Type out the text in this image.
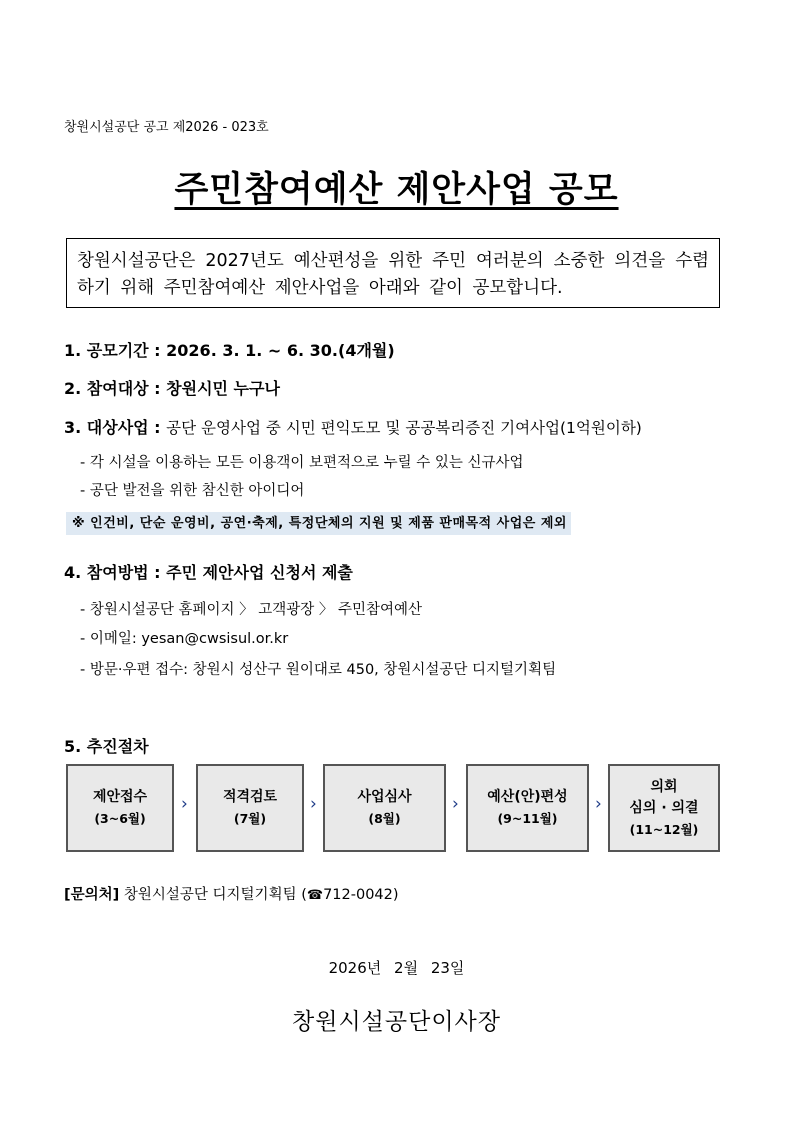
창원시설공단 공고 제2026 - 023호
주민참여예산 제안사업 공모
창원시설공단은 2027년도 예산편성을 위한 주민 여러분의 소중한 의견을 수렴하기 위해 주민참여예산 제안사업을 아래와 같이 공모합니다.
1. 공모기간 : 2026. 3. 1. ~ 6. 30.(4개월)
2. 참여대상 : 창원시민 누구나
3. 대상사업 : 공단 운영사업 중 시민 편익도모 및 공공복리증진 기여사업(1억원이하)
- 각 시설을 이용하는 모든 이용객이 보편적으로 누릴 수 있는 신규사업
- 공단 발전을 위한 참신한 아이디어
※ 인건비, 단순 운영비, 공연·축제, 특정단체의 지원 및 제품 판매목적 사업은 제외
4. 참여방법 : 주민 제안사업 신청서 제출
- 창원시설공단 홈페이지 〉 고객광장 〉 주민참여예산
- 이메일: yesan@cwsisul.or.kr
- 방문·우편 접수: 창원시 성산구 원이대로 450, 창원시설공단 디지털기획팀
5. 추진절차
제안접수
(3~6월)
›	적격검토
(7월)
›	사업심사
(8월)
› 예산(안)편성
(9~11월)
›
의회
심의 · 의결
(11~12월)
[문의처] 창원시설공단 디지털기획팀 (☎712-0042)
2026년 2월 23일
창원시설공단이사장
